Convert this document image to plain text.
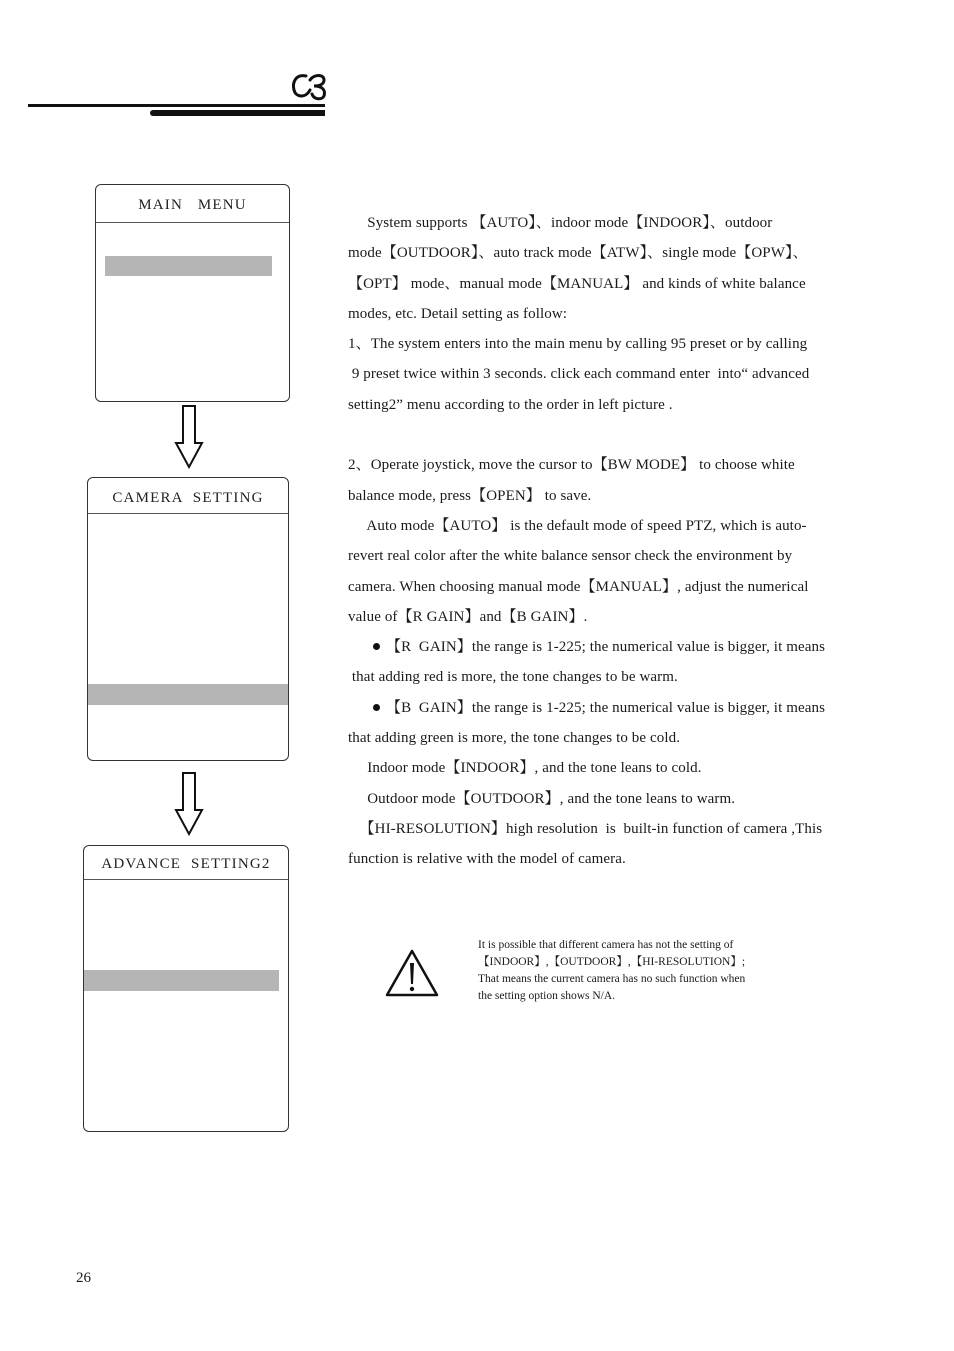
MAIN   MENU
CAMERA  SETTING
ADVANCE  SETTING2

System supports 【AUTO】、indoor mode【INDOOR】、outdoor

mode【OUTDOOR】、auto track mode【ATW】、single mode【OPW】、

【OPT】 mode、manual mode【MANUAL】 and kinds of white balance

modes, etc. Detail setting as follow:

1、The system enters into the main menu by calling 95 preset or by calling

9 preset twice within 3 seconds. click each command enter  into“ advanced

setting2” menu according to the order in left picture .

2、Operate joystick, move the cursor to【BW MODE】 to choose white

balance mode, press【OPEN】 to save.

Auto mode【AUTO】 is the default mode of speed PTZ, which is auto-

revert real color after the white balance sensor check the environment by

camera. When choosing manual mode【MANUAL】, adjust the numerical

value of【R GAIN】and【B GAIN】.

【R  GAIN】the range is 1-225; the numerical value is bigger, it means

that adding red is more, the tone changes to be warm.

【B  GAIN】the range is 1-225; the numerical value is bigger, it means

that adding green is more, the tone changes to be cold.

Indoor mode【INDOOR】, and the tone leans to cold.

Outdoor mode【OUTDOOR】, and the tone leans to warm.

【HI-RESOLUTION】high resolution  is  built-in function of camera ,This

function is relative with the model of camera.

It is possible that different camera has not the setting of

【INDOOR】,【OUTDOOR】,【HI-RESOLUTION】;

That means the current camera has no such function when

the setting option shows N/A.

26
